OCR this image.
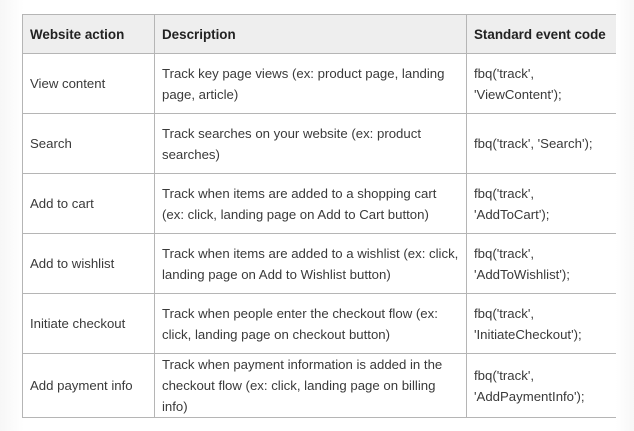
Website action	Description	Standard event code
View content	Track key page views (ex: product page, landing page, article)	fbq('track', 'ViewContent');
Search	Track searches on your website (ex: product searches)	fbq('track', 'Search');
Add to cart	Track when items are added to a shopping cart (ex: click, landing page on Add to Cart button)	fbq('track', 'AddToCart');
Add to wishlist	Track when items are added to a wishlist (ex: click, landing page on Add to Wishlist button)	fbq('track', 'AddToWishlist');
Initiate checkout	Track when people enter the checkout flow (ex: click, landing page on checkout button)	fbq('track', 'InitiateCheckout');
Add payment info	Track when payment information is added in the checkout flow (ex: click, landing page on billing info)	fbq('track', 'AddPaymentInfo');
